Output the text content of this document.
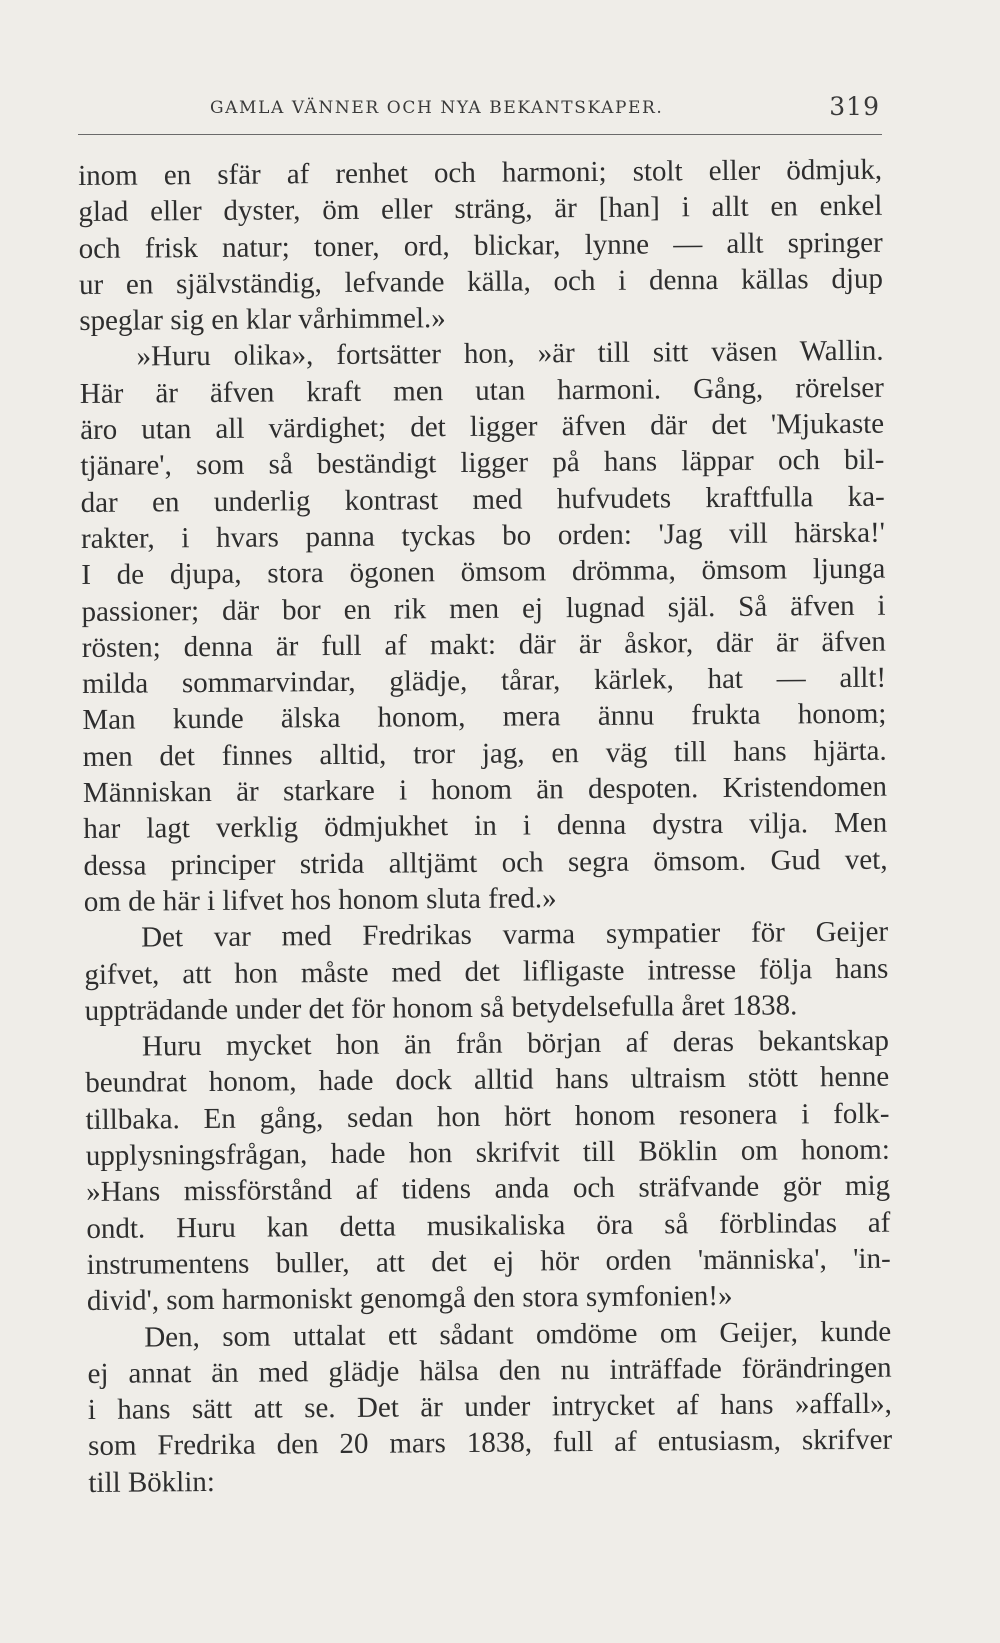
GAMLA VÄNNER OCH NYA BEKANTSKAPER.	319
inom en sfär af renhet och harmoni; stolt eller ödmjuk,
glad eller dyster, öm eller sträng, är [han] i allt en enkel
och frisk natur; toner, ord, blickar, lynne — allt springer
ur en självständig, lefvande källa, och i denna källas djup
speglar sig en klar vårhimmel.»
»Huru olika», fortsätter hon, »är till sitt väsen Wallin.
Här är äfven kraft men utan harmoni. Gång, rörelser
äro utan all värdighet; det ligger äfven där det 'Mjukaste
tjänare', som så beständigt ligger på hans läppar och bil-
dar en underlig kontrast med hufvudets kraftfulla ka-
rakter, i hvars panna tyckas bo orden: 'Jag vill härska!'
I de djupa, stora ögonen ömsom drömma, ömsom ljunga
passioner; där bor en rik men ej lugnad själ. Så äfven i
rösten; denna är full af makt: där är åskor, där är äfven
milda sommarvindar, glädje, tårar, kärlek, hat — allt!
Man kunde älska honom, mera ännu frukta honom;
men det finnes alltid, tror jag, en väg till hans hjärta.
Människan är starkare i honom än despoten. Kristendomen
har lagt verklig ödmjukhet in i denna dystra vilja. Men
dessa principer strida alltjämt och segra ömsom. Gud vet,
om de här i lifvet hos honom sluta fred.»
Det var med Fredrikas varma sympatier för Geijer
gifvet, att hon måste med det lifligaste intresse följa hans
uppträdande under det för honom så betydelsefulla året 1838.
Huru mycket hon än från början af deras bekantskap
beundrat honom, hade dock alltid hans ultraism stött henne
tillbaka. En gång, sedan hon hört honom resonera i folk-
upplysningsfrågan, hade hon skrifvit till Böklin om honom:
»Hans missförstånd af tidens anda och sträfvande gör mig
ondt. Huru kan detta musikaliska öra så förblindas af
instrumentens buller, att det ej hör orden 'människa', 'in-
divid', som harmoniskt genomgå den stora symfonien!»
Den, som uttalat ett sådant omdöme om Geijer, kunde
ej annat än med glädje hälsa den nu inträffade förändringen
i hans sätt att se. Det är under intrycket af hans »affall»,
som Fredrika den 20 mars 1838, full af entusiasm, skrifver
till Böklin:
